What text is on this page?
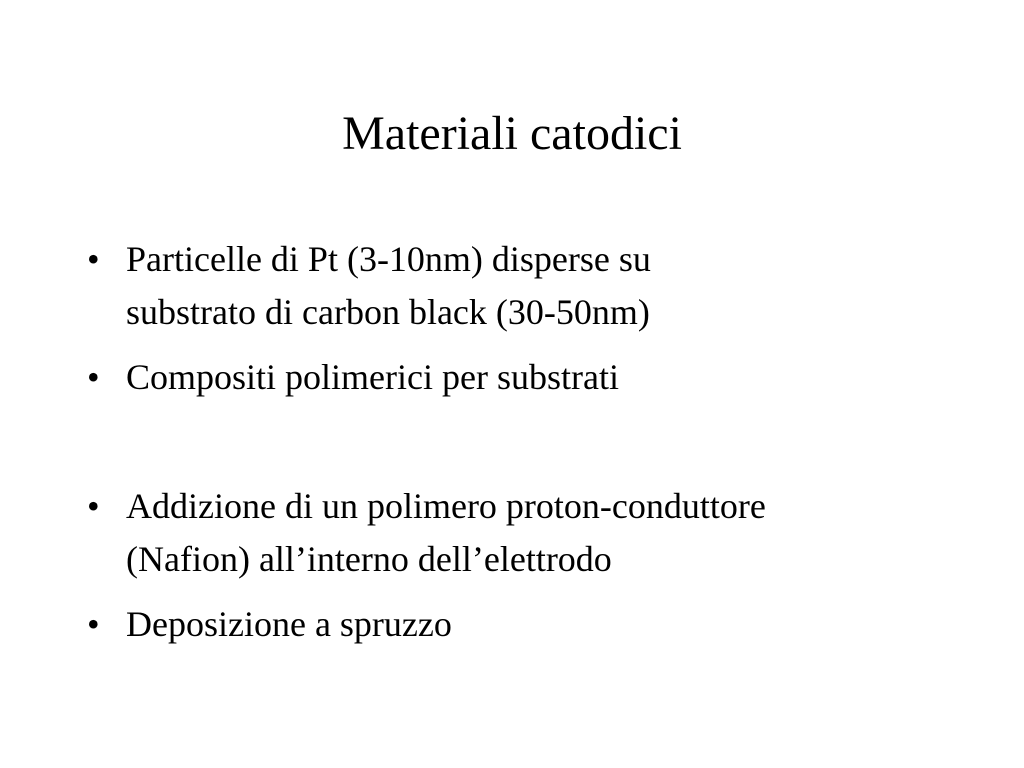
Materiali catodici
• Particelle di Pt (3-10nm) disperse su
substrato di carbon black (30-50nm)
• Compositi polimerici per substrati
• Addizione di un polimero proton-conduttore
(Nafion) all’interno dell’elettrodo
• Deposizione a spruzzo
